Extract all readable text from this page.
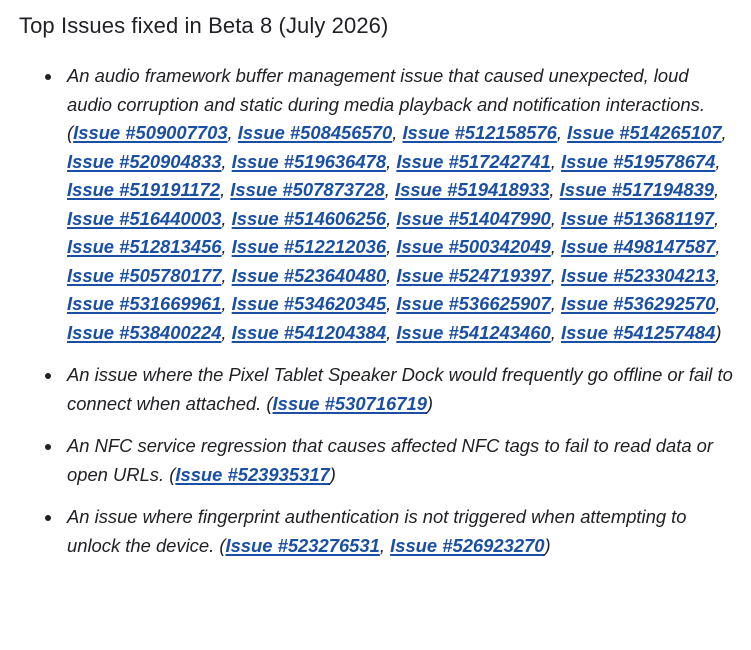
Top Issues fixed in Beta 8 (July 2026)
An audio framework buffer management issue that caused unexpected, loud audio corruption and static during media playback and notification interactions. (Issue #509007703, Issue #508456570, Issue #512158576, Issue #514265107, Issue #520904833, Issue #519636478, Issue #517242741, Issue #519578674, Issue #519191172, Issue #507873728, Issue #519418933, Issue #517194839, Issue #516440003, Issue #514606256, Issue #514047990, Issue #513681197, Issue #512813456, Issue #512212036, Issue #500342049, Issue #498147587, Issue #505780177, Issue #523640480, Issue #524719397, Issue #523304213, Issue #531669961, Issue #534620345, Issue #536625907, Issue #536292570, Issue #538400224, Issue #541204384, Issue #541243460, Issue #541257484)
An issue where the Pixel Tablet Speaker Dock would frequently go offline or fail to connect when attached. (Issue #530716719)
An NFC service regression that causes affected NFC tags to fail to read data or open URLs. (Issue #523935317)
An issue where fingerprint authentication is not triggered when attempting to unlock the device. (Issue #523276531, Issue #526923270)
